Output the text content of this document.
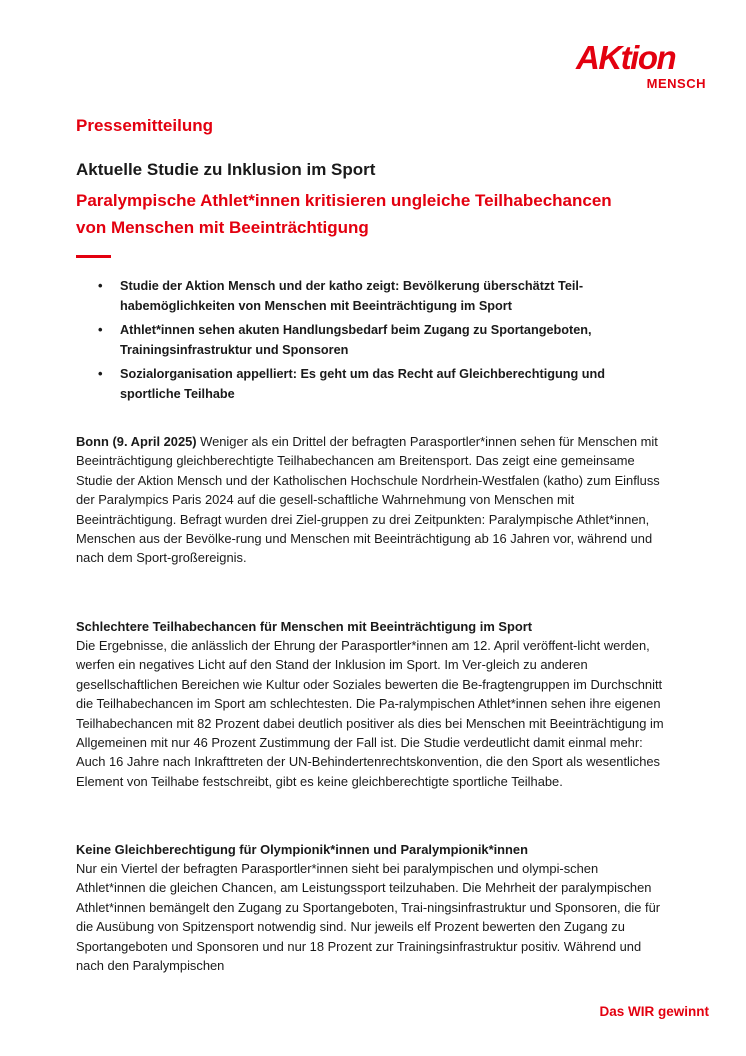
AKtion
MENSCH
Pressemitteilung
Aktuelle Studie zu Inklusion im Sport
Paralympische Athlet*innen kritisieren ungleiche Teilhabechancen von Menschen mit Beeinträchtigung
• Studie der Aktion Mensch und der katho zeigt: Bevölkerung überschätzt Teil-habemöglichkeiten von Menschen mit Beeinträchtigung im Sport
• Athlet*innen sehen akuten Handlungsbedarf beim Zugang zu Sportangeboten, Trainingsinfrastruktur und Sponsoren
• Sozialorganisation appelliert: Es geht um das Recht auf Gleichberechtigung und sportliche Teilhabe

Bonn (9. April 2025) Weniger als ein Drittel der befragten Parasportler*innen sehen für Menschen mit Beeinträchtigung gleichberechtigte Teilhabechancen am Breitensport. Das zeigt eine gemeinsame Studie der Aktion Mensch und der Katholischen Hochschule Nordrhein-Westfalen (katho) zum Einfluss der Paralympics Paris 2024 auf die gesell-schaftliche Wahrnehmung von Menschen mit Beeinträchtigung. Befragt wurden drei Ziel-gruppen zu drei Zeitpunkten: Paralympische Athlet*innen, Menschen aus der Bevölke-rung und Menschen mit Beeinträchtigung ab 16 Jahren vor, während und nach dem Sport-großereignis.

Schlechtere Teilhabechancen für Menschen mit Beeinträchtigung im Sport

Die Ergebnisse, die anlässlich der Ehrung der Parasportler*innen am 12. April veröffent-licht werden, werfen ein negatives Licht auf den Stand der Inklusion im Sport. Im Ver-gleich zu anderen gesellschaftlichen Bereichen wie Kultur oder Soziales bewerten die Be-fragtengruppen im Durchschnitt die Teilhabechancen im Sport am schlechtesten. Die Pa-ralympischen Athlet*innen sehen ihre eigenen Teilhabechancen mit 82 Prozent dabei deutlich positiver als dies bei Menschen mit Beeinträchtigung im Allgemeinen mit nur 46 Prozent Zustimmung der Fall ist. Die Studie verdeutlicht damit einmal mehr: Auch 16 Jahre nach Inkrafttreten der UN-Behindertenrechtskonvention, die den Sport als wesentliches Element von Teilhabe festschreibt, gibt es keine gleichberechtigte sportliche Teilhabe.

Keine Gleichberechtigung für Olympionik*innen und Paralympionik*innen

Nur ein Viertel der befragten Parasportler*innen sieht bei paralympischen und olympi-schen Athlet*innen die gleichen Chancen, am Leistungssport teilzuhaben. Die Mehrheit der paralympischen Athlet*innen bemängelt den Zugang zu Sportangeboten, Trai-ningsinfrastruktur und Sponsoren, die für die Ausübung von Spitzensport notwendig sind. Nur jeweils elf Prozent bewerten den Zugang zu Sportangeboten und Sponsoren und nur 18 Prozent zur Trainingsinfrastruktur positiv. Während und nach den Paralympischen

Das WIR gewinnt
